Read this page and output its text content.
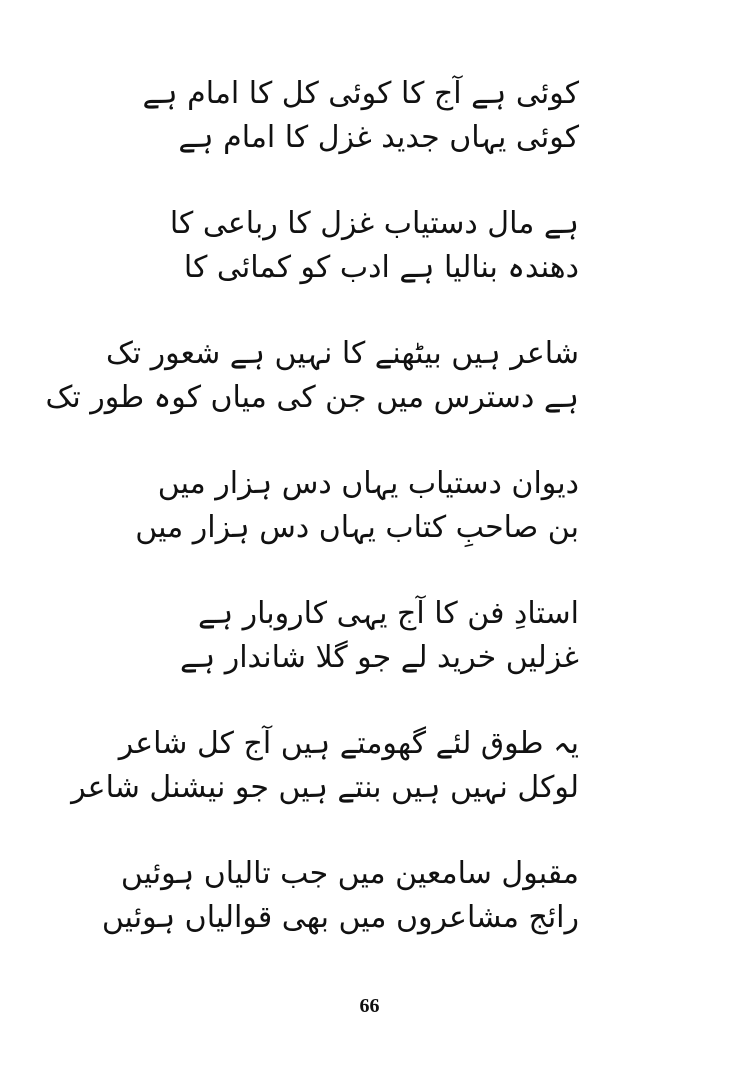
کوئی ہے آج کا کوئی کل کا امام ہے
کوئی یہاں جدید غزل کا امام ہے
ہے مال دستیاب غزل کا رباعی کا
دھندہ بنالیا ہے ادب کو کمائی کا
شاعر ہیں بیٹھنے کا نہیں ہے شعور تک
ہے دسترس میں جن کی میاں کوہ طور تک
دیوان دستیاب یہاں دس ہزار میں
بن صاحبِ کتاب یہاں دس ہزار میں
استادِ فن کا آج یہی کاروبار ہے
غزلیں خرید لے جو گلا شاندار ہے
یہ طوق لئے گھومتے ہیں آج کل شاعر
لوکل نہیں ہیں بنتے ہیں جو نیشنل شاعر
مقبول سامعین میں جب تالیاں ہوئیں
رائج مشاعروں میں بھی قوالیاں ہوئیں
66
